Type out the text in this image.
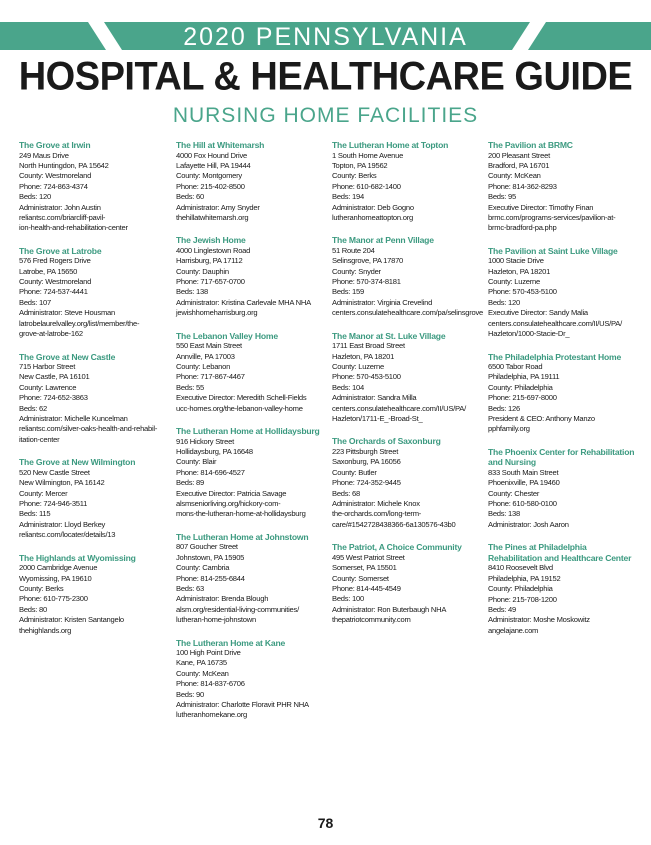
2020 PENNSYLVANIA
HOSPITAL & HEALTHCARE GUIDE
NURSING HOME FACILITIES
The Grove at Irwin
249 Maus Drive
North Huntingdon, PA 15642
County: Westmoreland
Phone: 724-863-4374
Beds: 120
Administrator: John Austin
reliantsc.com/briarcliff-pavil-
ion-health-and-rehabilitation-center
The Grove at Latrobe
576 Fred Rogers Drive
Latrobe, PA 15650
County: Westmoreland
Phone: 724-537-4441
Beds: 107
Administrator: Steve Housman
latrobelaurelvalley.org/list/member/the-
grove-at-latrobe-162
The Grove at New Castle
715 Harbor Street
New Castle, PA 16101
County: Lawrence
Phone: 724-652-3863
Beds: 62
Administrator: Michelle Kuncelman
reliantsc.com/silver-oaks-health-and-rehabil-
itation-center
The Grove at New Wilmington
520 New Castle Street
New Wilmington, PA 16142
County: Mercer
Phone: 724-946-3511
Beds: 115
Administrator: Lloyd Berkey
reliantsc.com/locater/details/13
The Highlands at Wyomissing
2000 Cambridge Avenue
Wyomissing, PA 19610
County: Berks
Phone: 610-775-2300
Beds: 80
Administrator: Kristen Santangelo
thehighlands.org
The Hill at Whitemarsh
4000 Fox Hound Drive
Lafayette Hill, PA 19444
County: Montgomery
Phone: 215-402-8500
Beds: 60
Administrator: Amy Snyder
thehillatwhitemarsh.org
The Jewish Home
4000 Linglestown Road
Harrisburg, PA 17112
County: Dauphin
Phone: 717-657-0700
Beds: 138
Administrator: Kristina Carlevale MHA NHA
jewishhomeharrisburg.org
The Lebanon Valley Home
550 East Main Street
Annville, PA 17003
County: Lebanon
Phone: 717-867-4467
Beds: 55
Executive Director: Meredith Schell-Fields
ucc-homes.org/the-lebanon-valley-home
The Lutheran Home at Hollidaysburg
916 Hickory Street
Hollidaysburg, PA 16648
County: Blair
Phone: 814-696-4527
Beds: 89
Executive Director: Patricia Savage
alsmseniorliving.org/hickory-com-
mons-the-lutheran-home-at-hollidaysburg
The Lutheran Home at Johnstown
807 Goucher Street
Johnstown, PA 15905
County: Cambria
Phone: 814-255-6844
Beds: 63
Administrator: Brenda Blough
alsm.org/residential-living-communities/
lutheran-home-johnstown
The Lutheran Home at Kane
100 High Point Drive
Kane, PA 16735
County: McKean
Phone: 814-837-6706
Beds: 90
Administrator: Charlotte Floravit PHR NHA
lutheranhomekane.org
The Lutheran Home at Topton
1 South Home Avenue
Topton, PA 19562
County: Berks
Phone: 610-682-1400
Beds: 194
Administrator: Deb Gogno
lutheranhomeattopton.org
The Manor at Penn Village
51 Route 204
Selinsgrove, PA 17870
County: Snyder
Phone: 570-374-8181
Beds: 159
Administrator: Virginia Crevelind
centers.consulatehealthcare.com/pa/selinsgrove
The Manor at St. Luke Village
1711 East Broad Street
Hazleton, PA 18201
County: Luzerne
Phone: 570-453-5100
Beds: 104
Administrator: Sandra Milla
centers.consulatehealthcare.com/II/US/PA/
Hazleton/1711-E_-Broad-St_
The Orchards of Saxonburg
223 Pittsburgh Street
Saxonburg, PA 16056
County: Butler
Phone: 724-352-9445
Beds: 68
Administrator: Michele Knox
the-orchards.com/long-term-
care/#1542728438366-6a130576-43b0
The Patriot, A Choice Community
495 West Patriot Street
Somerset, PA 15501
County: Somerset
Phone: 814-445-4549
Beds: 100
Administrator: Ron Buterbaugh NHA
thepatriotcommunity.com
The Pavilion at BRMC
200 Pleasant Street
Bradford, PA 16701
County: McKean
Phone: 814-362-8293
Beds: 95
Executive Director: Timothy Finan
brmc.com/programs-services/pavilion-at-
brmc-bradford-pa.php
The Pavilion at Saint Luke Village
1000 Stacie Drive
Hazleton, PA 18201
County: Luzerne
Phone: 570-453-5100
Beds: 120
Executive Director: Sandy Malia
centers.consulatehealthcare.com/II/US/PA/
Hazleton/1000-Stacie-Dr_
The Philadelphia Protestant Home
6500 Tabor Road
Philadelphia, PA 19111
County: Philadelphia
Phone: 215-697-8000
Beds: 126
President & CEO: Anthony Manzo
pphfamily.org
The Phoenix Center for Rehabilitation and Nursing
833 South Main Street
Phoenixville, PA 19460
County: Chester
Phone: 610-580-0100
Beds: 138
Administrator: Josh Aaron
The Pines at Philadelphia Rehabilitation and Healthcare Center
8410 Roosevelt Blvd
Philadelphia, PA 19152
County: Philadelphia
Phone: 215-708-1200
Beds: 49
Administrator: Moshe Moskowitz
angelajane.com
78
